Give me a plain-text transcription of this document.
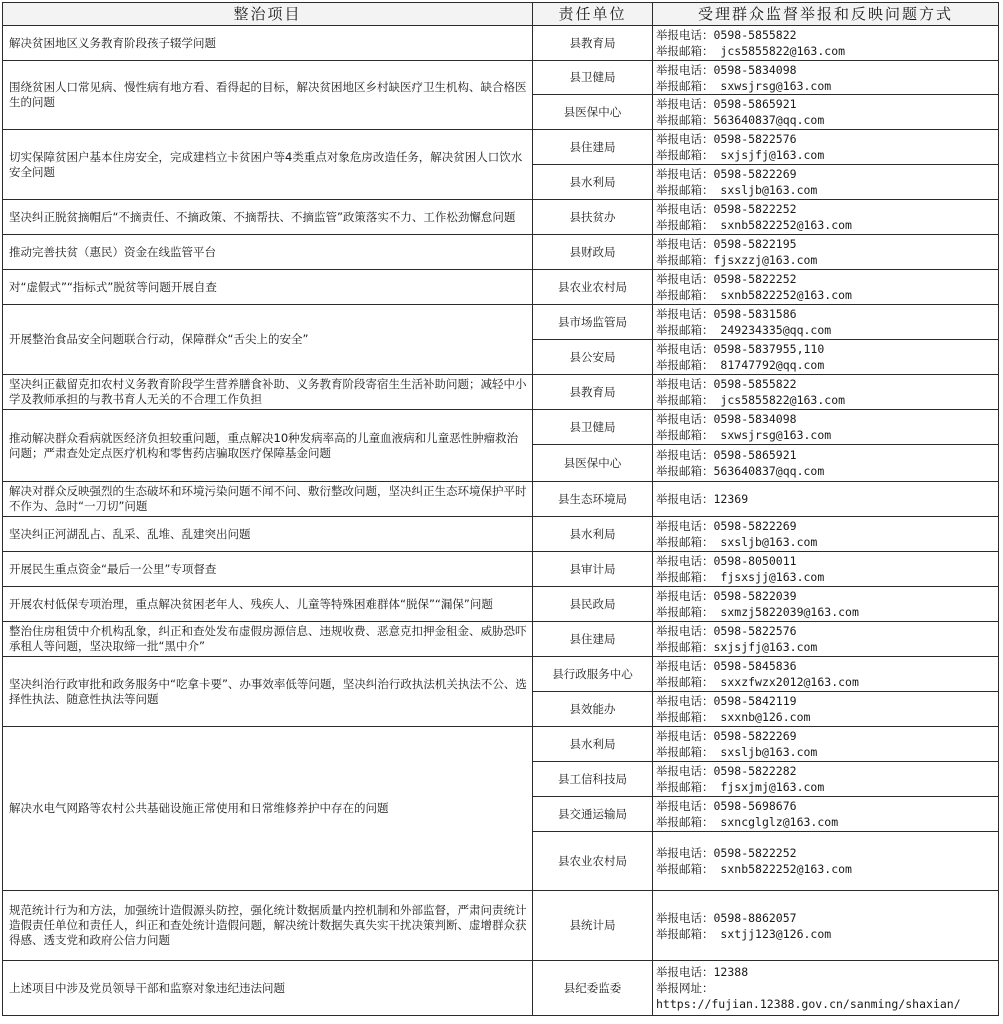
整治项目	责任单位	受理群众监督举报和反映问题方式
解决贫困地区义务教育阶段孩子辍学问题	县教育局	举报电话：0598-5855822
举报邮箱： jcs5855822@163.com

围绕贫困人口常见病、慢性病有地方看、看得起的目标，解决贫困地区乡村缺医疗卫生机构、缺合格医生的问题	县卫健局	举报电话：0598-5834098
举报邮箱： sxwsjrsg@163.com

	县医保中心	举报电话：0598-5865921
举报邮箱：563640837@qq.com

切实保障贫困户基本住房安全，完成建档立卡贫困户等4类重点对象危房改造任务，解决贫困人口饮水安全问题	县住建局	举报电话：0598-5822576
举报邮箱： sxjsjfj@163.com

	县水利局	举报电话：0598-5822269
举报邮箱： sxslјb@163.com

坚决纠正脱贫摘帽后“不摘责任、不摘政策、不摘帮扶、不摘监管”政策落实不力、工作松劲懈怠问题	县扶贫办	举报电话：0598-5822252
举报邮箱： sxnb5822252@163.com

推动完善扶贫（惠民）资金在线监管平台	县财政局	举报电话：0598-5822195
举报邮箱：fjsxzzj@163.com

对“虚假式”“指标式”脱贫等问题开展自查	县农业农村局	举报电话：0598-5822252
举报邮箱： sxnb5822252@163.com

开展整治食品安全问题联合行动，保障群众“舌尖上的安全”	县市场监管局	举报电话：0598-5831586
举报邮箱： 249234335@qq.com

	县公安局	举报电话：0598-5837955,110
举报邮箱： 81747792@qq.com

坚决纠正截留克扣农村义务教育阶段学生营养膳食补助、义务教育阶段寄宿生生活补助问题；减轻中小学及教师承担的与教书育人无关的不合理工作负担	县教育局	举报电话：0598-5855822
举报邮箱： jcs5855822@163.com

推动解决群众看病就医经济负担较重问题，重点解决10种发病率高的儿童血液病和儿童恶性肿瘤救治问题；严肃查处定点医疗机构和零售药店骗取医疗保障基金问题	县卫健局	举报电话：0598-5834098
举报邮箱： sxwsjrsg@163.com

	县医保中心	举报电话：0598-5865921
举报邮箱：563640837@qq.com

解决对群众反映强烈的生态破坏和环境污染问题不闻不问、敷衍整改问题，坚决纠正生态环境保护平时不作为、急时“一刀切”问题	县生态环境局	举报电话：12369

坚决纠正河湖乱占、乱采、乱堆、乱建突出问题	县水利局	举报电话：0598-5822269
举报邮箱： sxslјb@163.com

开展民生重点资金“最后一公里”专项督查	县审计局	举报电话：0598-8050011
举报邮箱： fjsxsjj@163.com

开展农村低保专项治理，重点解决贫困老年人、残疾人、儿童等特殊困难群体“脱保”“漏保”问题	县民政局	举报电话：0598-5822039
举报邮箱： sxmzj5822039@163.com

整治住房租赁中介机构乱象，纠正和查处发布虚假房源信息、违规收费、恶意克扣押金租金、威胁恐吓承租人等问题，坚决取缔一批“黑中介”	县住建局	举报电话：0598-5822576
举报邮箱：sxjsjfj@163.com

坚决纠治行政审批和政务服务中“吃拿卡要”、办事效率低等问题，坚决纠治行政执法机关执法不公、选择性执法、随意性执法等问题	县行政服务中心	举报电话：0598-5845836
举报邮箱： sxxzfwzx2012@163.com

	县效能办	举报电话：0598-5842119
举报邮箱： sxxnb@126.com

解决水电气网路等农村公共基础设施正常使用和日常维修养护中存在的问题	县水利局	举报电话：0598-5822269
举报邮箱： sxslјb@163.com

	县工信科技局	举报电话：0598-5822282
举报邮箱： fjsxjmj@163.com

	县交通运输局	举报电话：0598-5698676
举报邮箱： sxncglglz@163.com

	县农业农村局	举报电话：0598-5822252
举报邮箱： sxnb5822252@163.com

规范统计行为和方法，加强统计造假源头防控，强化统计数据质量内控机制和外部监督，严肃问责统计造假责任单位和责任人，纠正和查处统计造假问题，解决统计数据失真失实干扰决策判断、虚增群众获得感、透支党和政府公信力问题	县统计局	举报电话：0598-8862057
举报邮箱： sxtjj123@126.com

上述项目中涉及党员领导干部和监察对象违纪违法问题	县纪委监委	举报电话：12388
举报网址：
https://fujian.12388.gov.cn/sanming/shaxian/
